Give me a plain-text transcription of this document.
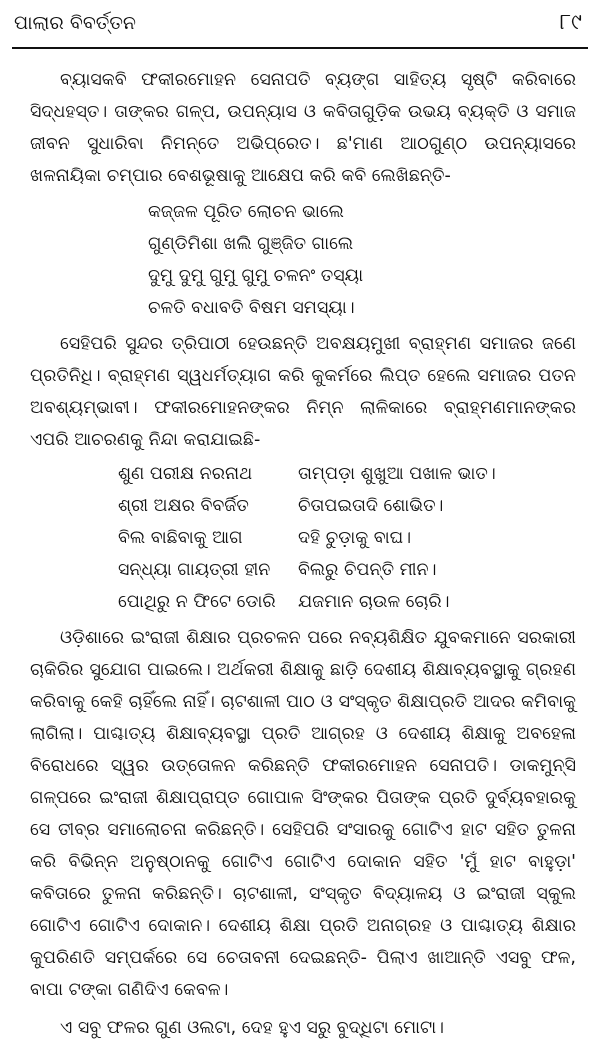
ପାଲାର ବିବର୍ତ୍ତନ	୮୯

ବ୍ୟାସକବି ଫକୀରମୋହନ ସେନାପତି ବ୍ୟଙ୍ଗ ସାହିତ୍ୟ ସୃଷ୍ଟି କରିବାରେ ସିଦ୍ଧହସ୍ତ। ତାଙ୍କର ଗଳ୍ପ, ଉପନ୍ୟାସ ଓ କବିତାଗୁଡ଼ିକ ଉଭୟ ବ୍ୟକ୍ତି ଓ ସମାଜ ଜୀବନ ସୁଧାରିବା ନିମନ୍ତେ ଅଭିପ୍ରେତ। ଛ'ମାଣ ଆଠଗୁଣ୍ଠ ଉପନ୍ୟାସରେ ଖଳନାୟିକା ଚମ୍ପାର ବେଶଭୂଷାକୁ ଆକ୍ଷେପ କରି କବି ଲେଖିଛନ୍ତି-

କଜ୍ଜଳ ପୂରିତ ଲୋଚନ ଭାଲେ
ଗୁଣ୍ଡିମିଶା ଖଲି ଗୁଞ୍ଜିତ ଗାଲେ
ଦୁମୁ ଦୁମୁ ଗୁମୁ ଗୁମୁ ଚଳନଂ ତସ୍ୟା
ଚଳତି ବଧାବତି ବିଷମ ସମସ୍ୟା।

ସେହିପରି ସୁନ୍ଦର ତ୍ରିପାଠୀ ହେଉଛନ୍ତି ଅବକ୍ଷୟମୁଖୀ ବ୍ରାହ୍ମଣ ସମାଜର ଜଣେ ପ୍ରତିନିଧି। ବ୍ରାହ୍ମଣ ସ୍ୱଧର୍ମତ୍ୟାଗ କରି କୁକର୍ମରେ ଲିପ୍ତ ହେଲେ ସମାଜର ପତନ ଅବଶ୍ୟମ୍ଭାବୀ। ଫକୀରମୋହନଙ୍କର ନିମ୍ନ ଲାଳିକାରେ ବ୍ରାହ୍ମଣମାନଙ୍କର ଏପରି ଆଚରଣକୁ ନିନ୍ଦା କରାଯାଇଛି-

ଶୁଣ ପରୀକ୍ଷ ନରନାଥ	ତାମ୍ପଡ଼ା ଶୁଖୁଆ ପଖାଳ ଭାତ।
ଶ୍ରୀ ଅକ୍ଷର ବିବର୍ଜିତ	ଚିତାପଇତାଦି ଶୋଭିତ।
ବିଲ ବାଛିବାକୁ ଆଗ	ଦହି ଚୁଡ଼ାକୁ ବାଘ।
ସନ୍ଧ୍ୟା ଗାୟତ୍ରୀ ହୀନ	ବିଲରୁ ଚିପନ୍ତି ମୀନ।
ପୋଥିରୁ ନ ଫିଟେ ଡୋରି	ଯଜମାନ ଚାଉଳ ଚୋରି।

ଓଡ଼ିଶାରେ ଇଂରାଜୀ ଶିକ୍ଷାର ପ୍ରଚଳନ ପରେ ନବ୍ୟଶିକ୍ଷିତ ଯୁବକମାନେ ସରକାରୀ ଚାକିରିର ସୁଯୋଗ ପାଇଲେ। ଅର୍ଥକରୀ ଶିକ୍ଷାକୁ ଛାଡ଼ି ଦେଶୀୟ ଶିକ୍ଷାବ୍ୟବସ୍ଥାକୁ ଗ୍ରହଣ କରିବାକୁ କେହି ଚାହିଁଲେ ନାହିଁ। ଚାଟଶାଳୀ ପାଠ ଓ ସଂସ୍କୃତ ଶିକ୍ଷାପ୍ରତି ଆଦର କମିବାକୁ ଲାଗିଲା। ପାଶ୍ଚାତ୍ୟ ଶିକ୍ଷାବ୍ୟବସ୍ଥା ପ୍ରତି ଆଗ୍ରହ ଓ ଦେଶୀୟ ଶିକ୍ଷାକୁ ଅବହେଳା ବିରୋଧରେ ସ୍ୱର ଉତ୍ତୋଳନ କରିଛନ୍ତି ଫକୀରମୋହନ ସେନାପତି। ଡାକମୁନ୍ସି ଗଳ୍ପରେ ଇଂରାଜୀ ଶିକ୍ଷାପ୍ରାପ୍ତ ଗୋପାଳ ସିଂଙ୍କର ପିତାଙ୍କ ପ୍ରତି ଦୁର୍ବ୍ୟବହାରକୁ ସେ ତୀବ୍ର ସମାଲୋଚନା କରିଛନ୍ତି। ସେହିପରି ସଂସାରକୁ ଗୋଟିଏ ହାଟ ସହିତ ତୁଳନା କରି ବିଭିନ୍ନ ଅନୁଷ୍ଠାନକୁ ଗୋଟିଏ ଗୋଟିଏ ଦୋକାନ ସହିତ 'ମୁଁ ହାଟ ବାହୁଡ଼ା' କବିତାରେ ତୁଳନା କରିଛନ୍ତି। ଚାଟଶାଳୀ, ସଂସ୍କୃତ ବିଦ୍ୟାଳୟ ଓ ଇଂରାଜୀ ସ୍କୁଲ ଗୋଟିଏ ଗୋଟିଏ ଦୋକାନ। ଦେଶୀୟ ଶିକ୍ଷା ପ୍ରତି ଅନାଗ୍ରହ ଓ ପାଶ୍ଚାତ୍ୟ ଶିକ୍ଷାର କୁପରିଣତି ସମ୍ପର୍କରେ ସେ ଚେତାବନୀ ଦେଇଛନ୍ତି- ପିଲାଏ ଖାଆନ୍ତି ଏସବୁ ଫଳ, ବାପା ଟଙ୍କା ଗଣିଦିଏ କେବଳ।

ଏ ସବୁ ଫଳର ଗୁଣ ଓଲଟା, ଦେହ ହୁଏ ସରୁ ବୁଦ୍ଧିଟା ମୋଟା।
